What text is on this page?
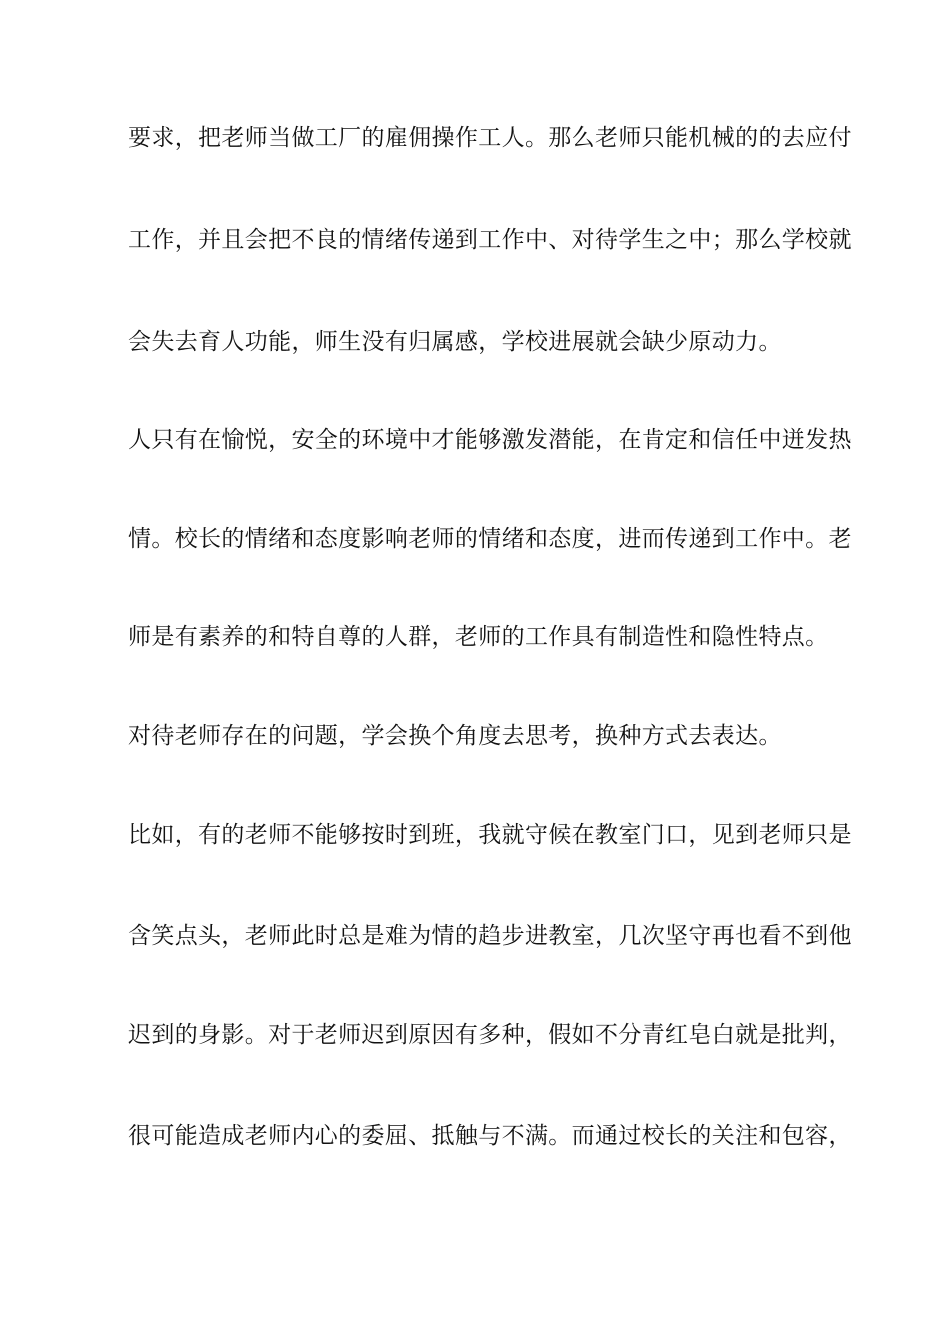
要求，把老师当做工厂的雇佣操作工人。那么老师只能机械的的去应付
工作，并且会把不良的情绪传递到工作中、对待学生之中；那么学校就
会失去育人功能，师生没有归属感，学校进展就会缺少原动力。
人只有在愉悦，安全的环境中才能够激发潜能，在肯定和信任中迸发热
情。校长的情绪和态度影响老师的情绪和态度，进而传递到工作中。老
师是有素养的和特自尊的人群，老师的工作具有制造性和隐性特点。
对待老师存在的问题，学会换个角度去思考，换种方式去表达。
比如，有的老师不能够按时到班，我就守候在教室门口，见到老师只是
含笑点头，老师此时总是难为情的趋步进教室，几次坚守再也看不到他
迟到的身影。对于老师迟到原因有多种，假如不分青红皂白就是批判，
很可能造成老师内心的委屈、抵触与不满。而通过校长的关注和包容，
